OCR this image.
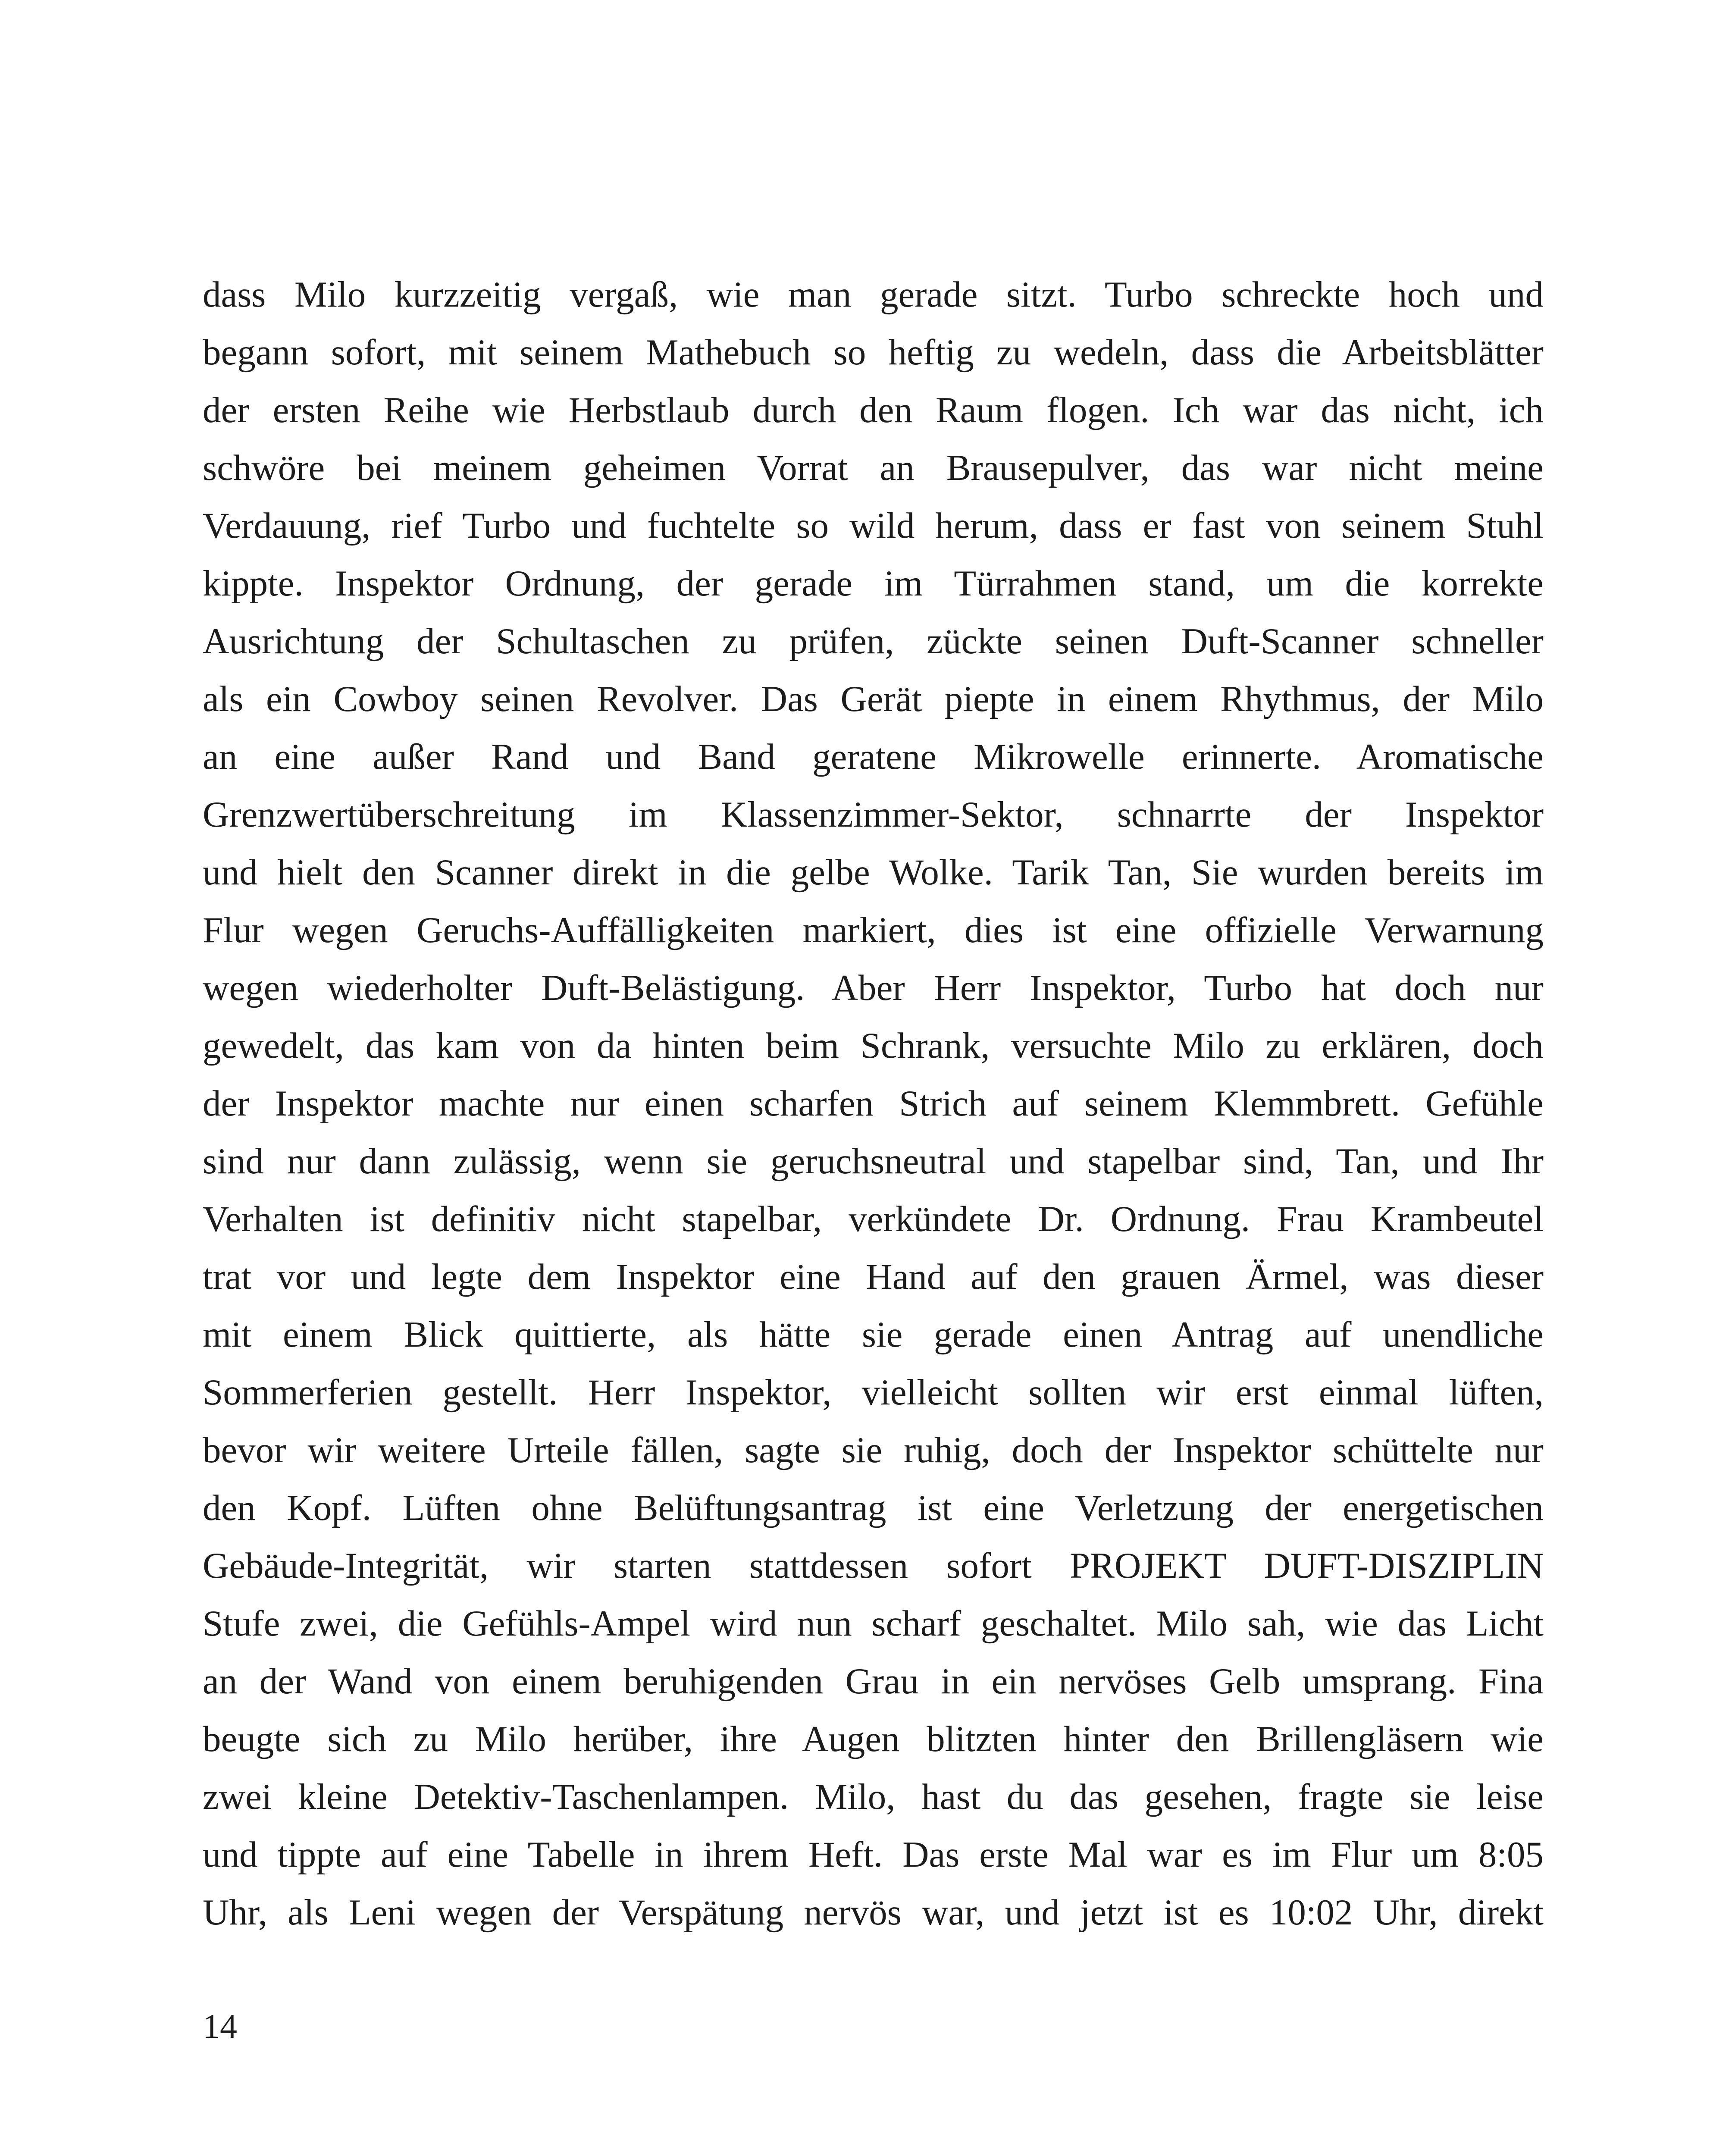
dass Milo kurzzeitig vergaß, wie man gerade sitzt. Turbo schreckte hoch und
begann sofort, mit seinem Mathebuch so heftig zu wedeln, dass die Arbeitsblätter
der ersten Reihe wie Herbstlaub durch den Raum flogen. Ich war das nicht, ich
schwöre bei meinem geheimen Vorrat an Brausepulver, das war nicht meine
Verdauung, rief Turbo und fuchtelte so wild herum, dass er fast von seinem Stuhl
kippte. Inspektor Ordnung, der gerade im Türrahmen stand, um die korrekte
Ausrichtung der Schultaschen zu prüfen, zückte seinen Duft-Scanner schneller
als ein Cowboy seinen Revolver. Das Gerät piepte in einem Rhythmus, der Milo
an eine außer Rand und Band geratene Mikrowelle erinnerte. Aromatische
Grenzwertüberschreitung im Klassenzimmer-Sektor, schnarrte der Inspektor
und hielt den Scanner direkt in die gelbe Wolke. Tarik Tan, Sie wurden bereits im
Flur wegen Geruchs-Auffälligkeiten markiert, dies ist eine offizielle Verwarnung
wegen wiederholter Duft-Belästigung. Aber Herr Inspektor, Turbo hat doch nur
gewedelt, das kam von da hinten beim Schrank, versuchte Milo zu erklären, doch
der Inspektor machte nur einen scharfen Strich auf seinem Klemmbrett. Gefühle
sind nur dann zulässig, wenn sie geruchsneutral und stapelbar sind, Tan, und Ihr
Verhalten ist definitiv nicht stapelbar, verkündete Dr. Ordnung. Frau Krambeutel
trat vor und legte dem Inspektor eine Hand auf den grauen Ärmel, was dieser
mit einem Blick quittierte, als hätte sie gerade einen Antrag auf unendliche
Sommerferien gestellt. Herr Inspektor, vielleicht sollten wir erst einmal lüften,
bevor wir weitere Urteile fällen, sagte sie ruhig, doch der Inspektor schüttelte nur
den Kopf. Lüften ohne Belüftungsantrag ist eine Verletzung der energetischen
Gebäude-Integrität, wir starten stattdessen sofort PROJEKT DUFT-DISZIPLIN
Stufe zwei, die Gefühls-Ampel wird nun scharf geschaltet. Milo sah, wie das Licht
an der Wand von einem beruhigenden Grau in ein nervöses Gelb umsprang. Fina
beugte sich zu Milo herüber, ihre Augen blitzten hinter den Brillengläsern wie
zwei kleine Detektiv-Taschenlampen. Milo, hast du das gesehen, fragte sie leise
und tippte auf eine Tabelle in ihrem Heft. Das erste Mal war es im Flur um 8:05
Uhr, als Leni wegen der Verspätung nervös war, und jetzt ist es 10:02 Uhr, direkt
14
